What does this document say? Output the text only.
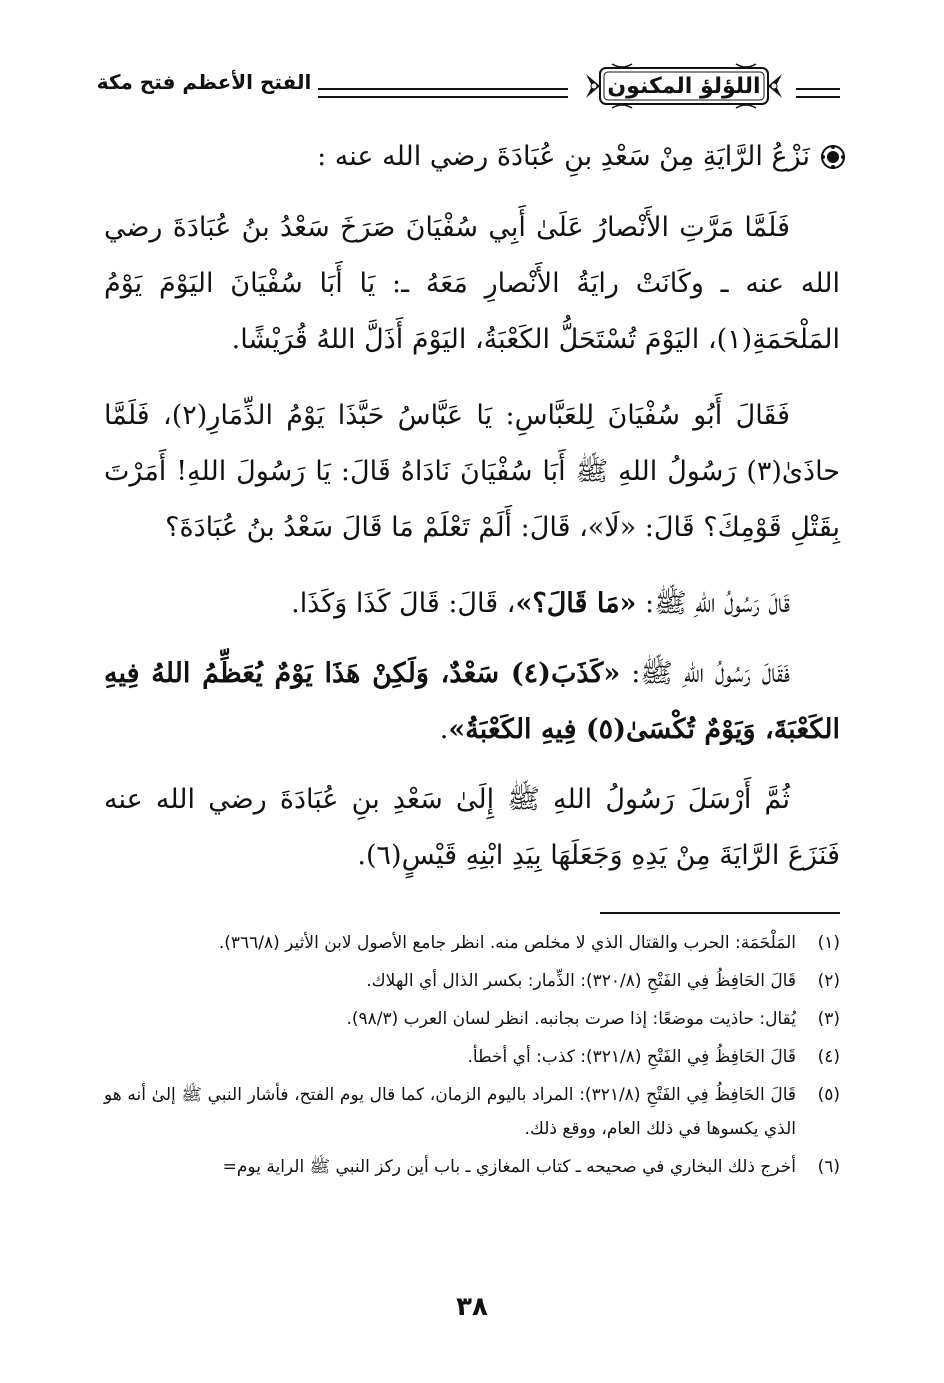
اللؤلؤ المكنون
الفتح الأعظم فتح مكة
نَزْعُ الرَّايَةِ مِنْ سَعْدِ بنِ عُبَادَةَ رضي الله عنه :

فَلَمَّا مَرَّتِ الأَنْصارُ عَلَىٰ أَبِي سُفْيَانَ صَرَخَ سَعْدُ بنُ عُبَادَةَ رضي الله عنه ـ وكَانَتْ رايَةُ الأَنْصارِ مَعَهُ ـ: يَا أَبَا سُفْيَانَ اليَوْمَ يَوْمُ المَلْحَمَةِ(١)، اليَوْمَ تُسْتَحَلُّ الكَعْبَةُ، اليَوْمَ أَذَلَّ اللهُ قُرَيْشًا.

فَقَالَ أَبُو سُفْيَانَ لِلعَبَّاسِ: يَا عَبَّاسُ حَبَّذَا يَوْمُ الذِّمَارِ(٢)، فَلَمَّا حاذَىٰ(٣) رَسُولُ اللهِ ﷺ أَبَا سُفْيَانَ نَادَاهُ قَالَ: يَا رَسُولَ اللهِ! أَمَرْتَ بِقَتْلِ قَوْمِكَ؟ قَالَ: «لَا»، قَالَ: أَلَمْ تَعْلَمْ مَا قَالَ سَعْدُ بنُ عُبَادَةَ؟

قَالَ رَسُولُ اللهِ ﷺ: «مَا قَالَ؟»، قَالَ: قَالَ كَذَا وَكَذَا.

فَقَالَ رَسُولُ اللهِ ﷺ: «كَذَبَ(٤) سَعْدٌ، وَلَكِنْ هَذَا يَوْمٌ يُعَظِّمُ اللهُ فِيهِ الكَعْبَةَ، وَيَوْمٌ تُكْسَىٰ(٥) فِيهِ الكَعْبَةُ».

ثُمَّ أَرْسَلَ رَسُولُ اللهِ ﷺ إِلَىٰ سَعْدِ بنِ عُبَادَةَ رضي الله عنه فَنَزَعَ الرَّايَةَ مِنْ يَدِهِ وَجَعَلَهَا بِيَدِ ابْنِهِ قَيْسٍ(٦).

(١)
المَلْحَمَة: الحرب والقتال الذي لا مخلص منه. انظر جامع الأصول لابن الأثير (٣٦٦/٨).
(٢)
قَالَ الحَافِظُ فِي الفَتْحِ (٣٢٠/٨): الذِّمار: بكسر الذال أي الهلاك.
(٣)
يُقال: حاذيت موضعًا: إذا صرت بجانبه. انظر لسان العرب (٩٨/٣).
(٤)
قَالَ الحَافِظُ فِي الفَتْحِ (٣٢١/٨): كذب: أي أخطأ.
(٥)
قَالَ الحَافِظُ فِي الفَتْحِ (٣٢١/٨): المراد باليوم الزمان، كما قال يوم الفتح، فأشار النبي ﷺ إلىٰ أنه هو الذي يكسوها في ذلك العام، ووقع ذلك.
(٦)
أخرج ذلك البخاري في صحيحه ـ كتاب المغازي ـ باب أين ركز النبي ﷺ الراية يوم=
٣٨
